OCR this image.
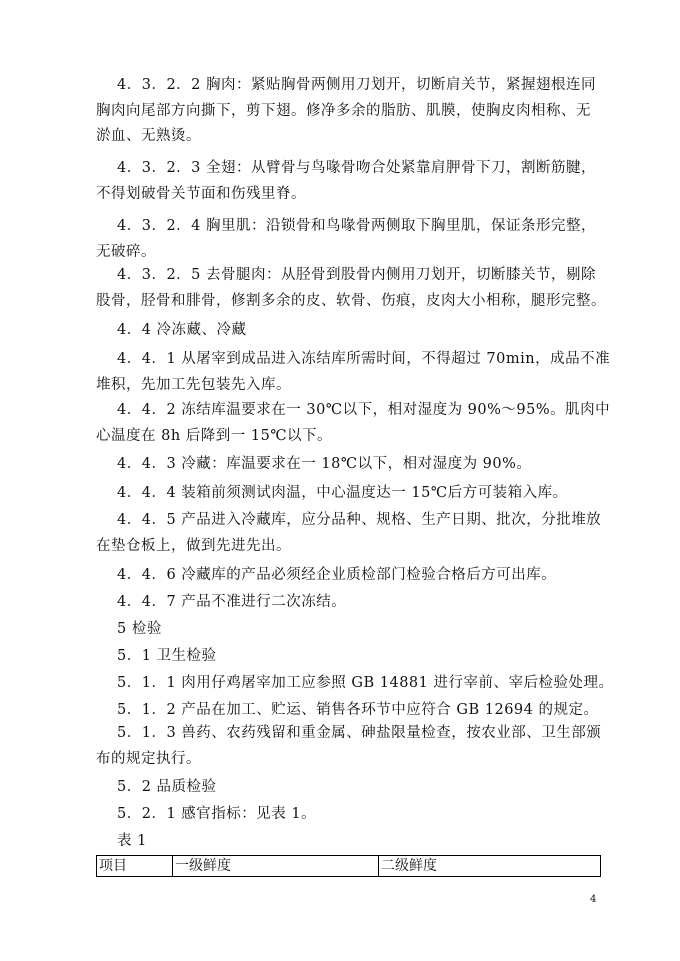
4．3．2．2 胸肉：紧贴胸骨两侧用刀划开，切断肩关节，紧握翅根连同
胸肉向尾部方向撕下，剪下翅。修净多余的脂肪、肌膜，使胸皮肉相称、无
淤血、无熟烫。

4．3．2．3 全翅：从臂骨与鸟喙骨吻合处紧靠肩胛骨下刀，割断筋腱，
不得划破骨关节面和伤残里脊。

4．3．2．4 胸里肌：沿锁骨和鸟喙骨两侧取下胸里肌，保证条形完整，
无破碎。

4．3．2．5 去骨腿肉：从胫骨到股骨内侧用刀划开，切断膝关节，剔除
股骨，胫骨和腓骨，修割多余的皮、软骨、伤痕，皮肉大小相称，腿形完整。

4．4 冷冻藏、冷藏

4．4．1 从屠宰到成品进入冻结库所需时间，不得超过 70min，成品不准
堆积，先加工先包装先入库。

4．4．2 冻结库温要求在一 30℃以下，相对湿度为 90%～95%。肌肉中
心温度在 8h 后降到一 15℃以下。

4．4．3 冷藏：库温要求在一 18℃以下，相对湿度为 90%。

4．4．4 装箱前须测试肉温，中心温度达一 15℃后方可装箱入库。

4．4．5 产品进入冷藏库，应分品种、规格、生产日期、批次，分批堆放
在垫仓板上，做到先进先出。

4．4．6 冷藏库的产品必须经企业质检部门检验合格后方可出库。

4．4．7 产品不准进行二次冻结。

5 检验

5．1 卫生检验

5．1．1 肉用仔鸡屠宰加工应参照 GB 14881 进行宰前、宰后检验处理。

5．1．2 产品在加工、贮运、销售各环节中应符合 GB 12694 的规定。

5．1．3 兽药、农药残留和重金属、砷盐限量检查，按农业部、卫生部颁
布的规定执行。

5．2 品质检验

5．2．1 感官指标：见表 1。

表 1

项目	一级鲜度	二级鲜度
4
